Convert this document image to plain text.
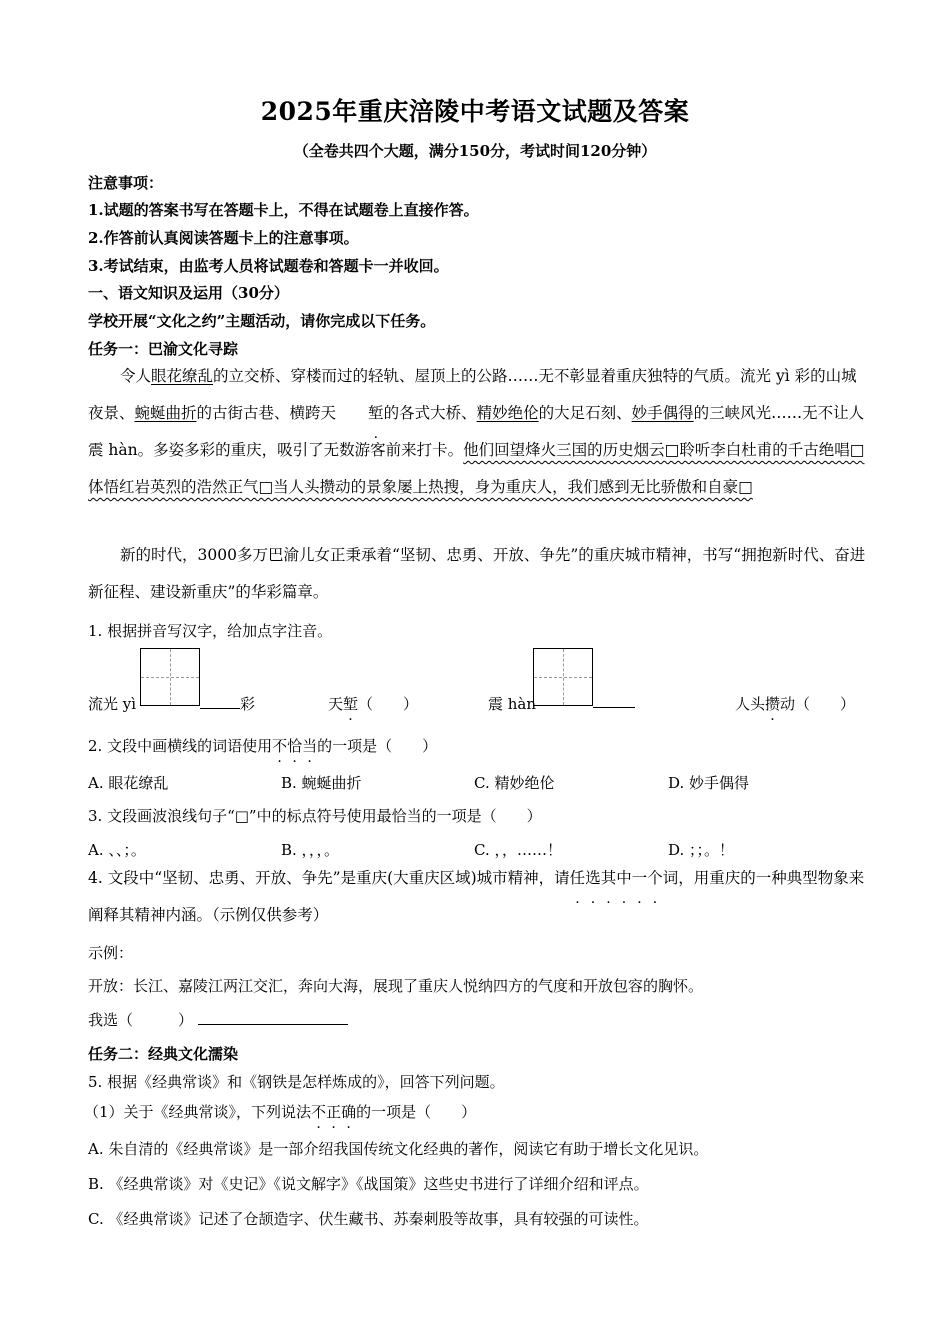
2025年重庆涪陵中考语文试题及答案
（全卷共四个大题，满分150分，考试时间120分钟）
注意事项：
1.试题的答案书写在答题卡上，不得在试题卷上直接作答。
2.作答前认真阅读答题卡上的注意事项。
3.考试结束，由监考人员将试题卷和答题卡一并收回。
一、语文知识及运用（30分）
学校开展“文化之约”主题活动，请你完成以下任务。
任务一：巴渝文化寻踪

令人眼花缭乱的立交桥、穿楼而过的轻轨、屋顶上的公路……无不彰显着重庆独特的气质。流光 yì 彩的山城夜景、蜿蜒曲折的古街古巷、横跨天 堑的各式大桥、精妙绝伦的大足石刻、妙手偶得的三峡风光……无不让人震 hàn。多姿多彩的重庆，吸引了无数游客前来打卡。他们回望烽火三国的历史烟云□聆听李白杜甫的千古绝唱□体悟红岩英烈的浩然正气□当人头攒动的景象屡上热搜，身为重庆人，我们感到无比骄傲和自豪□

新的时代，3000多万巴渝儿女正秉承着“坚韧、忠勇、开放、争先”的重庆城市精神，书写“拥抱新时代、奋进新征程、建设新重庆”的华彩篇章。

1. 根据拼音写汉字，给加点字注音。
流光 yì	彩	天堑（　　）	震 hàn	人头攒动（　　）
2. 文段中画横线的词语使用不恰当的一项是（　　）
A. 眼花缭乱	B. 蜿蜒曲折	C. 精妙绝伦	D. 妙手偶得
3. 文段画波浪线句子“□”中的标点符号使用最恰当的一项是（　　）
A. 、、；。	B. ，，，。	C. ，，……！	D. ；；。！

4. 文段中“坚韧、忠勇、开放、争先”是重庆(大重庆区域)城市精神，请任选其中一个词，用重庆的一种典型物象来阐释其精神内涵。（示例仅供参考）

示例：
开放：长江、嘉陵江两江交汇，奔向大海，展现了重庆人悦纳四方的气度和开放包容的胸怀。
我选（　　　）
任务二：经典文化濡染
5. 根据《经典常谈》和《钢铁是怎样炼成的》，回答下列问题。
（1）关于《经典常谈》，下列说法不正确的一项是（　　）
A. 朱自清的《经典常谈》是一部介绍我国传统文化经典的著作，阅读它有助于增长文化见识。
B. 《经典常谈》对《史记》《说文解字》《战国策》这些史书进行了详细介绍和评点。
C. 《经典常谈》记述了仓颉造字、伏生藏书、苏秦刺股等故事，具有较强的可读性。
